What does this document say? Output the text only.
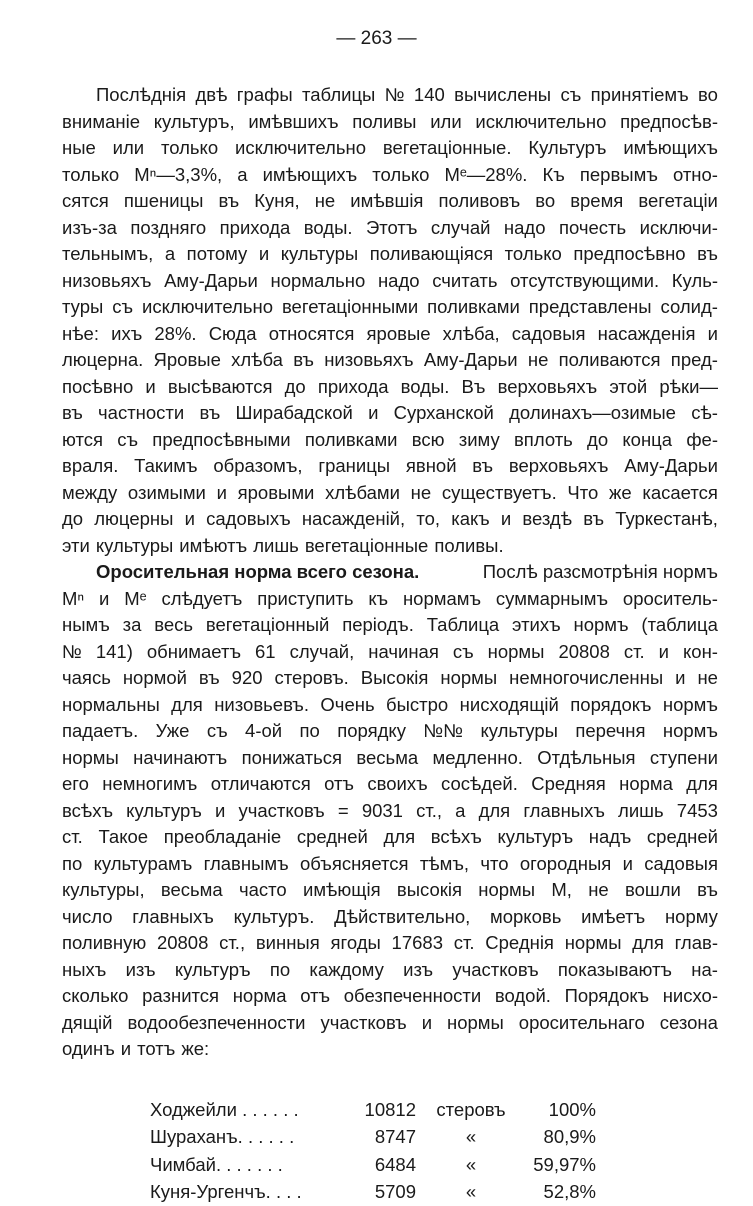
— 263 —
Послѣднія двѣ графы таблицы № 140 вычислены съ принятіемъ во
вниманіе культуръ, имѣвшихъ поливы или исключительно предпосѣв-
ные или только исключительно вегетаціонные. Культуръ имѣющихъ
только Мⁿ—3,3%, а имѣющихъ только Мᵉ—28%. Къ первымъ отно-
сятся пшеницы въ Куня, не имѣвшія поливовъ во время вегетаціи
изъ-за поздняго прихода воды. Этотъ случай надо почесть исключи-
тельнымъ, а потому и культуры поливающіяся только предпосѣвно въ
низовьяхъ Аму-Дарьи нормально надо считать отсутствующими. Куль-
туры съ исключительно вегетаціонными поливками представлены солид-
нѣе: ихъ 28%. Сюда относятся яровые хлѣба, садовыя насажденія и
люцерна. Яровые хлѣба въ низовьяхъ Аму-Дарьи не поливаются пред-
посѣвно и высѣваются до прихода воды. Въ верховьяхъ этой рѣки—
въ частности въ Ширабадской и Сурханской долинахъ—озимые сѣ-
ются съ предпосѣвными поливками всю зиму вплоть до конца фе-
враля. Такимъ образомъ, границы явной въ верховьяхъ Аму-Дарьи
между озимыми и яровыми хлѣбами не существуетъ. Что же касается
до люцерны и садовыхъ насажденій, то, какъ и вездѣ въ Туркестанѣ,
эти культуры имѣютъ лишь вегетаціонные поливы.
Оросительная норма всего сезона.	Послѣ разсмотрѣнія нормъ
Мⁿ и Мᵉ слѣдуетъ приступить къ нормамъ суммарнымъ ороситель-
нымъ за весь вегетаціонный періодъ. Таблица этихъ нормъ (таблица
№ 141) обнимаетъ 61 случай, начиная съ нормы 20808 ст. и кон-
чаясь нормой въ 920 стеровъ. Высокія нормы немногочисленны и не
нормальны для низовьевъ. Очень быстро нисходящій порядокъ нормъ
падаетъ. Уже съ 4-ой по порядку №№ культуры перечня нормъ
нормы начинаютъ понижаться весьма медленно. Отдѣльныя ступени
его немногимъ отличаются отъ своихъ сосѣдей. Средняя норма для
всѣхъ культуръ и участковъ = 9031 ст., а для главныхъ лишь 7453
ст. Такое преобладаніе средней для всѣхъ культуръ надъ средней
по культурамъ главнымъ объясняется тѣмъ, что огородныя и садовыя
культуры, весьма часто имѣющія высокія нормы М, не вошли въ
число главныхъ культуръ. Дѣйствительно, морковь имѣетъ норму
поливную 20808 ст., винныя ягоды 17683 ст. Среднія нормы для глав-
ныхъ изъ культуръ по каждому изъ участковъ показываютъ на-
сколько разнится норма отъ обезпеченности водой. Порядокъ нисхо-
дящій водообезпеченности участковъ и нормы оросительнаго сезона
одинъ и тотъ же:
Ходжейли . . . . . .	10812	стеровъ	100%
Шураханъ. . . . . .	8747	«	80,9%
Чимбай. . . . . . .	6484	«	59,97%
Куня-Ургенчъ. . . .	5709	«	52,8%
